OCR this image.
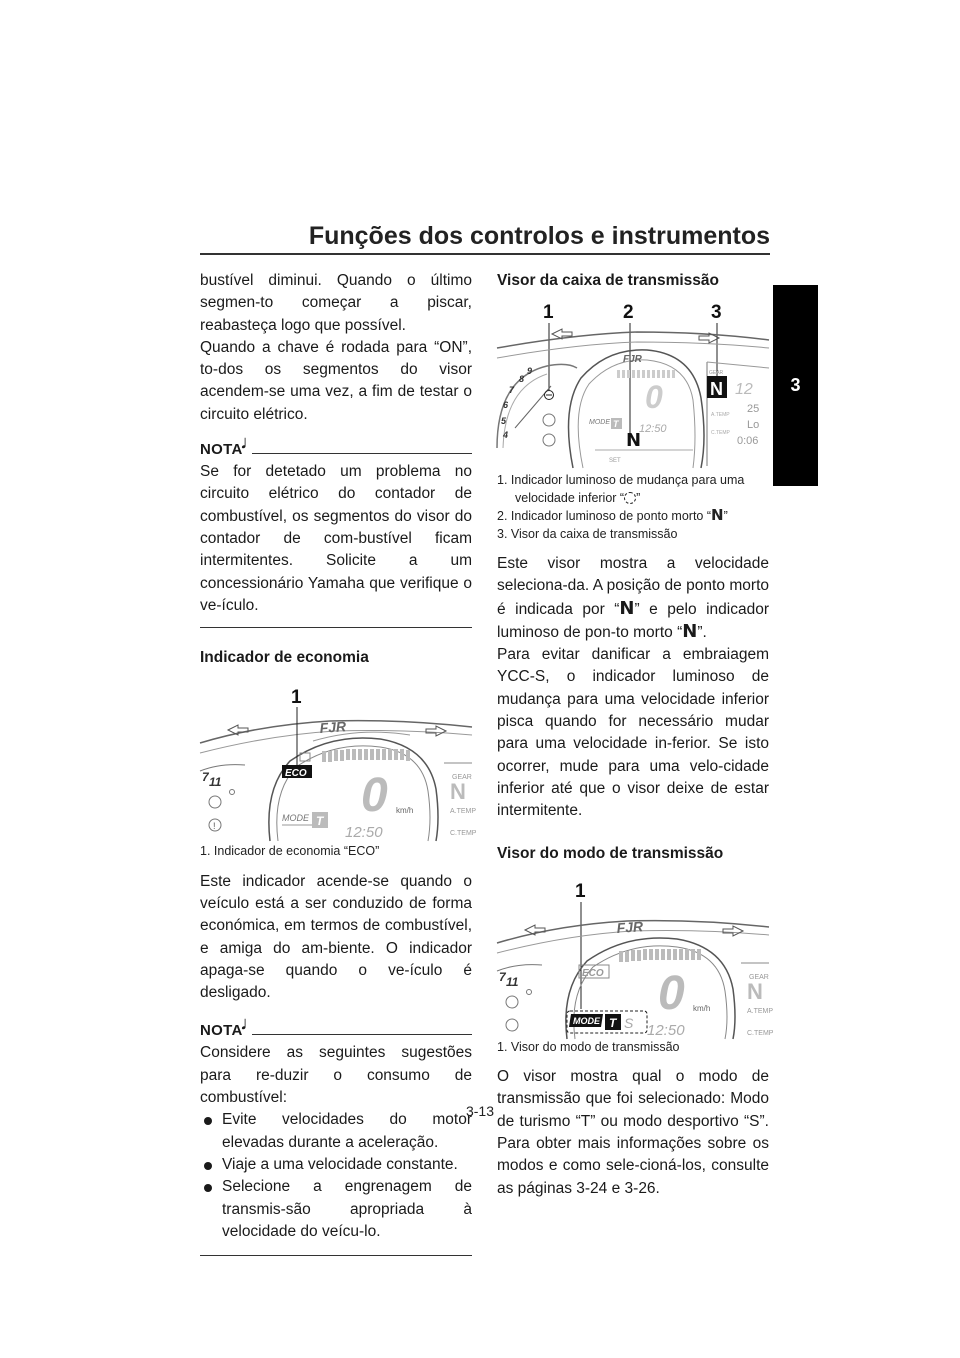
Funções dos controlos e instrumentos
3

bustível diminui. Quando o último segmen-to começar a piscar, reabasteça logo que possível.

Quando a chave é rodada para “ON”, to-dos os segmentos do visor acendem-se uma vez, a fim de testar o circuito elétrico.

NOTA𝅘𝅥

Se for detetado um problema no circuito elétrico do contador de combustível, os segmentos do visor do contador de com-bustível ficam intermitentes. Solicite a um concessionário Yamaha que verifique o ve-ículo.

Indicador de economia

7 11
!
FJR
ECO
1
0 km/h
MODE T
12:50
GEAR
N
A.TEMP
C.TEMP
1. Indicador de economia “ECO”

Este indicador acende-se quando o veículo está a ser conduzido de forma económica, em termos de combustível, e amiga do am-biente. O indicador apaga-se quando o ve-ículo é desligado.

NOTA𝅘𝅥

Considere as seguintes sugestões para re-duzir o consumo de combustível:

Evite velocidades do motor elevadas durante a aceleração.
Viaje a uma velocidade constante.
Selecione a engrenagem de transmis-são apropriada à velocidade do veícu-lo.

Visor da caixa de transmissão

1	2	3
9
8
7
6
5
4
FJR
0
MODE T 12:50
N
SET
GEAR
N 12
25
Lo
0:06
A.TEMP
C.TEMP
1. Indicador luminoso de mudança para uma
velocidade inferior “ ”
2. Indicador luminoso de ponto morto “N”
3. Visor da caixa de transmissão

Este visor mostra a velocidade seleciona-da. A posição de ponto morto é indicada por “N” e pelo indicador luminoso de pon-to morto “N”.

Para evitar danificar a embraiagem YCC-S, o indicador luminoso de mudança para uma velocidade inferior pisca quando for necessário mudar para uma velocidade in-ferior. Se isto ocorrer, mude para uma velo-cidade inferior até que o visor deixe de estar intermitente.

Visor do modo de transmissão

1
7 11
FJR
ECO 0 km/h
MODE T S 12:50
GEAR
N
A.TEMP
C.TEMP
1. Visor do modo de transmissão

O visor mostra qual o modo de transmissão que foi selecionado: Modo de turismo “T” ou modo desportivo “S”. Para obter mais informações sobre os modos e como sele-cioná-los, consulte as páginas 3-24 e 3-26.

3-13
